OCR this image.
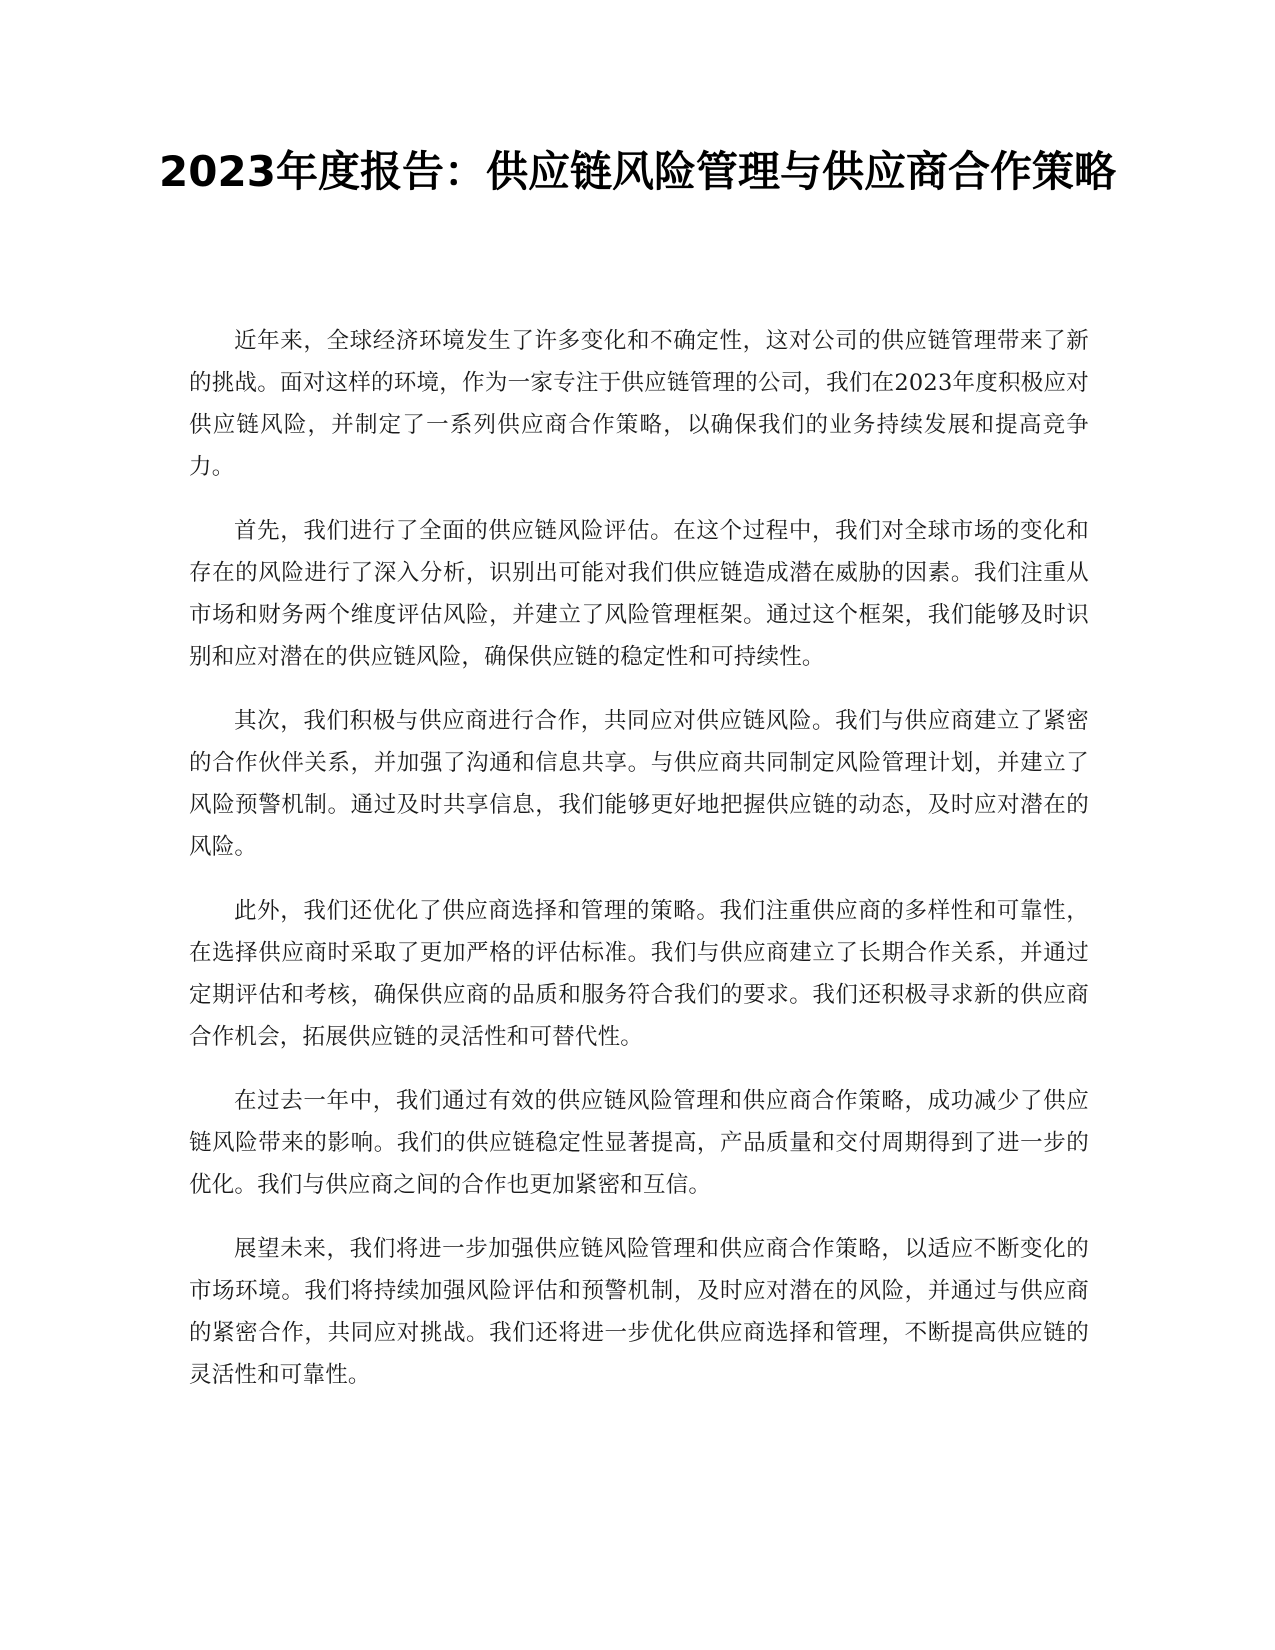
2023年度报告：供应链风险管理与供应商合作策略

近年来，全球经济环境发生了许多变化和不确定性，这对公司的供应链管理带来了新的挑战。面对这样的环境，作为一家专注于供应链管理的公司，我们在2023年度积极应对供应链风险，并制定了一系列供应商合作策略，以确保我们的业务持续发展和提高竞争力。

首先，我们进行了全面的供应链风险评估。在这个过程中，我们对全球市场的变化和存在的风险进行了深入分析，识别出可能对我们供应链造成潜在威胁的因素。我们注重从市场和财务两个维度评估风险，并建立了风险管理框架。通过这个框架，我们能够及时识别和应对潜在的供应链风险，确保供应链的稳定性和可持续性。

其次，我们积极与供应商进行合作，共同应对供应链风险。我们与供应商建立了紧密的合作伙伴关系，并加强了沟通和信息共享。与供应商共同制定风险管理计划，并建立了风险预警机制。通过及时共享信息，我们能够更好地把握供应链的动态，及时应对潜在的风险。

此外，我们还优化了供应商选择和管理的策略。我们注重供应商的多样性和可靠性，在选择供应商时采取了更加严格的评估标准。我们与供应商建立了长期合作关系，并通过定期评估和考核，确保供应商的品质和服务符合我们的要求。我们还积极寻求新的供应商合作机会，拓展供应链的灵活性和可替代性。

在过去一年中，我们通过有效的供应链风险管理和供应商合作策略，成功减少了供应链风险带来的影响。我们的供应链稳定性显著提高，产品质量和交付周期得到了进一步的优化。我们与供应商之间的合作也更加紧密和互信。

展望未来，我们将进一步加强供应链风险管理和供应商合作策略，以适应不断变化的市场环境。我们将持续加强风险评估和预警机制，及时应对潜在的风险，并通过与供应商的紧密合作，共同应对挑战。我们还将进一步优化供应商选择和管理，不断提高供应链的灵活性和可靠性。
